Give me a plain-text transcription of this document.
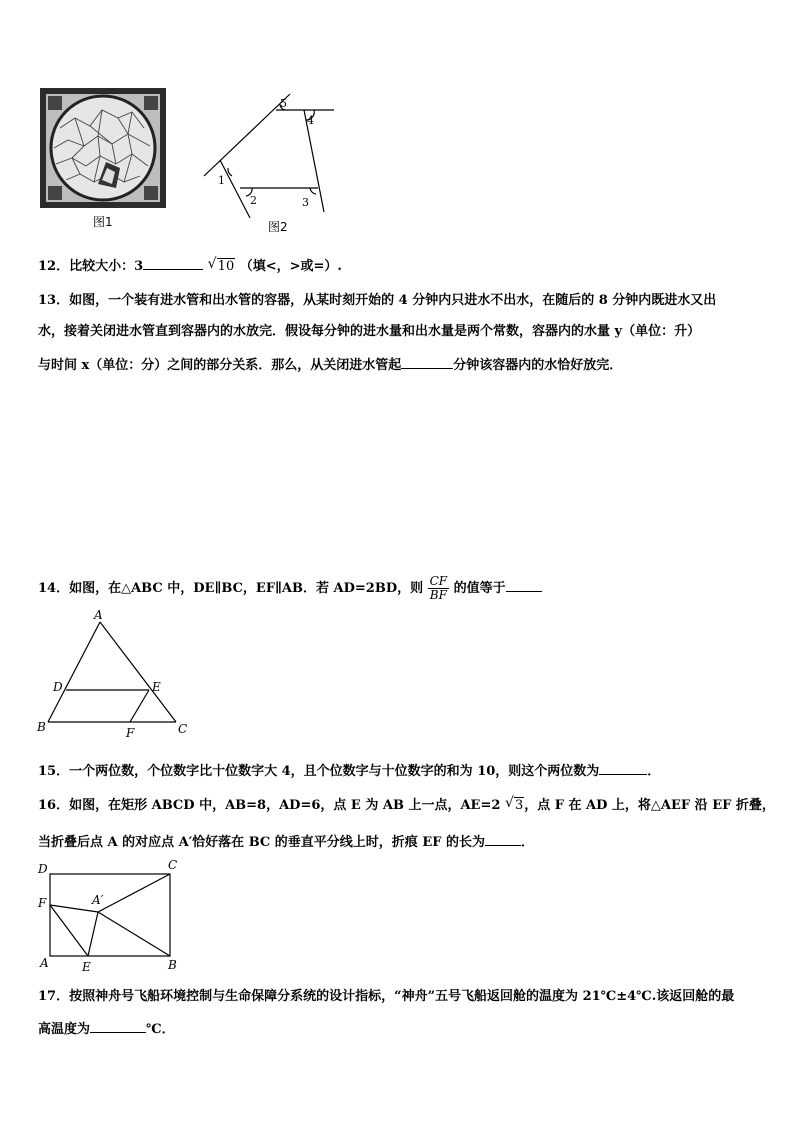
图1
1
2	3
4
5
图2
12．比较大小：3	√ 10 （填<，>或=）.
13．如图，一个装有进水管和出水管的容器，从某时刻开始的 4 分钟内只进水不出水，在随后的 8 分钟内既进水又出
水，接着关闭进水管直到容器内的水放完．假设每分钟的进水量和出水量是两个常数，容器内的水量 y（单位：升）
与时间 x（单位：分）之间的部分关系．那么，从关闭进水管起	分钟该容器内的水恰好放完．
14．如图，在△ABC 中，DE∥BC，EF∥AB．若 AD=2BD，则 $\frac{CF}{BF}$ 的值等于
A
D	E
B	F	C
15．一个两位数，个位数字比十位数字大 4，且个位数字与十位数字的和为 10，则这个两位数为	．
16．如图，在矩形 ABCD 中，AB=8，AD=6，点 E 为 AB 上一点，AE=2 √ 3，点 F 在 AD 上，将△AEF 沿 EF 折叠，
当折叠后点 A 的对应点 A′恰好落在 BC 的垂直平分线上时，折痕 EF 的长为	．
D	C
F	A′
A	E	B
17．按照神舟号飞船环境控制与生命保障分系统的设计指标，“神舟”五号飞船返回舱的温度为 21℃±4℃.该返回舱的最
高温度为	℃．
